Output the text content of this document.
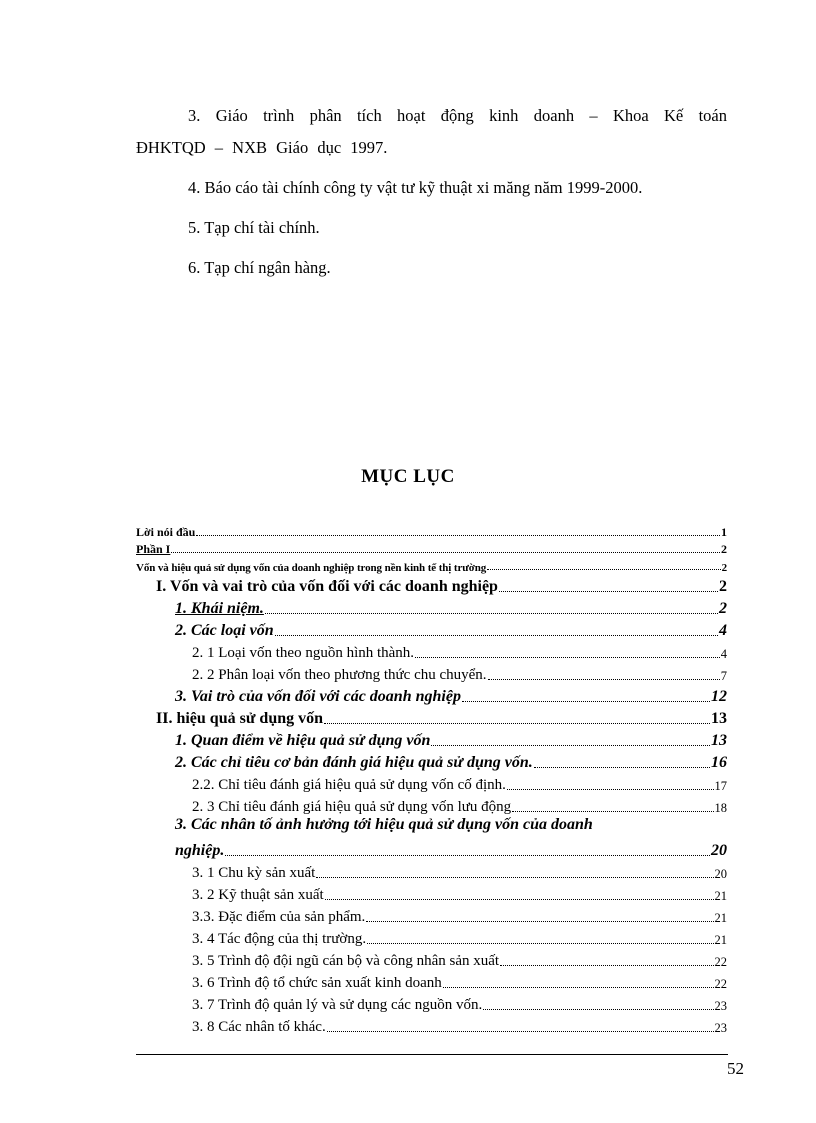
3. Giáo trình phân tích hoạt động kinh doanh – Khoa Kế toán ĐHKTQD – NXB Giáo dục 1997.

4. Báo cáo tài chính công ty vật tư kỹ thuật xi măng năm 1999-2000.

5. Tạp chí tài chính.

6. Tạp chí ngân hàng.

MỤC LỤC
Lời nói đầu	1
Phần I	2
Vốn và hiệu quả sử dụng vốn của doanh nghiệp trong nền kinh tế thị trường	2
I. Vốn và vai trò của vốn đối với các doanh nghiệp	2
1. Khái niệm.	2
2. Các loại vốn	4
2. 1 Loại vốn theo nguồn hình thành.	4
2. 2 Phân loại vốn theo phương thức chu chuyển.	7
3. Vai trò của vốn đối với các doanh nghiệp	12
II. hiệu quả sử dụng vốn	13
1. Quan điểm về hiệu quả sử dụng vốn	13
2. Các chỉ tiêu cơ bản đánh giá hiệu quả sử dụng vốn.	16
2.2. Chỉ tiêu đánh giá hiệu quả sử dụng vốn cố định.	17
2. 3 Chỉ tiêu đánh giá hiệu quả sử dụng vốn lưu động	18
3. Các nhân tố ảnh hưởng tới hiệu quả sử dụng vốn của doanh
nghiệp.	20
3. 1 Chu kỳ sản xuất	20
3. 2 Kỹ thuật sản xuất	21
3.3. Đặc điểm của sản phẩm.	21
3. 4 Tác động của thị trường.	21
3. 5 Trình độ đội ngũ cán bộ và công nhân sản xuất	22
3. 6 Trình độ tổ chức sản xuất kinh doanh	22
3. 7 Trình độ quản lý và sử dụng các nguồn vốn.	23
3. 8 Các nhân tố khác.	23
52
